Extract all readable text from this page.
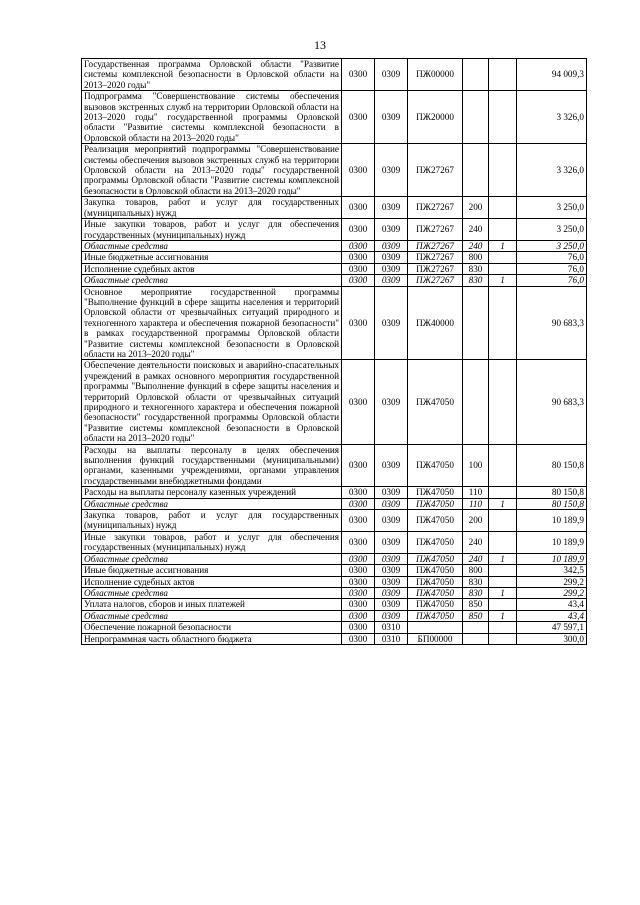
13
Государственная программа Орловской области "Развитие системы комплексной безопасности в Орловской области на 2013–2020 годы"	0300	0309	ПЖ00000			94 009,3
Подпрограмма "Совершенствование системы обеспечения вызовов экстренных служб на территории Орловской области на 2013–2020 годы" государственной программы Орловской области "Развитие системы комплексной безопасности в Орловской области на 2013–2020 годы"	0300	0309	ПЖ20000			3 326,0
Реализация мероприятий подпрограммы "Совершенствование системы обеспечения вызовов экстренных служб на территории Орловской области на 2013–2020 годы" государственной программы Орловской области "Развитие системы комплексной безопасности в Орловской области на 2013–2020 годы"	0300	0309	ПЖ27267			3 326,0
Закупка товаров, работ и услуг для государственных (муниципальных) нужд	0300	0309	ПЖ27267	200		3 250,0
Иные закупки товаров, работ и услуг для обеспечения государственных (муниципальных) нужд	0300	0309	ПЖ27267	240		3 250,0
Областные средства	0300	0309	ПЖ27267	240	1	3 250,0
Иные бюджетные ассигнования	0300	0309	ПЖ27267	800		76,0
Исполнение судебных актов	0300	0309	ПЖ27267	830		76,0
Областные средства	0300	0309	ПЖ27267	830	1	76,0
Основное мероприятие государственной программы "Выполнение функций в сфере защиты населения и территорий Орловской области от чрезвычайных ситуаций природного и техногенного характера и обеспечения пожарной безопасности" в рамках государственной программы Орловской области "Развитие системы комплексной безопасности в Орловской области на 2013–2020 годы"	0300	0309	ПЖ40000			90 683,3
Обеспечение деятельности поисковых и аварийно-спасательных учреждений в рамках основного мероприятия государственной программы "Выполнение функций в сфере защиты населения и территорий Орловской области от чрезвычайных ситуаций природного и техногенного характера и обеспечения пожарной безопасности" государственной программы Орловской области "Развитие системы комплексной безопасности в Орловской области на 2013–2020 годы"	0300	0309	ПЖ47050			90 683,3
Расходы на выплаты персоналу в целях обеспечения выполнения функций государственными (муниципальными) органами, казенными учреждениями, органами управления государственными внебюджетными фондами	0300	0309	ПЖ47050	100		80 150,8
Расходы на выплаты персоналу казенных учреждений	0300	0309	ПЖ47050	110		80 150,8
Областные средства	0300	0309	ПЖ47050	110	1	80 150,8
Закупка товаров, работ и услуг для государственных (муниципальных) нужд	0300	0309	ПЖ47050	200		10 189,9
Иные закупки товаров, работ и услуг для обеспечения государственных (муниципальных) нужд	0300	0309	ПЖ47050	240		10 189,9
Областные средства	0300	0309	ПЖ47050	240	1	10 189,9
Иные бюджетные ассигнования	0300	0309	ПЖ47050	800		342,5
Исполнение судебных актов	0300	0309	ПЖ47050	830		299,2
Областные средства	0300	0309	ПЖ47050	830	1	299,2
Уплата налогов, сборов и иных платежей	0300	0309	ПЖ47050	850		43,4
Областные средства	0300	0309	ПЖ47050	850	1	43,4
Обеспечение пожарной безопасности	0300	0310				47 597,1
Непрограммная часть областного бюджета	0300	0310	БП00000			300,0
